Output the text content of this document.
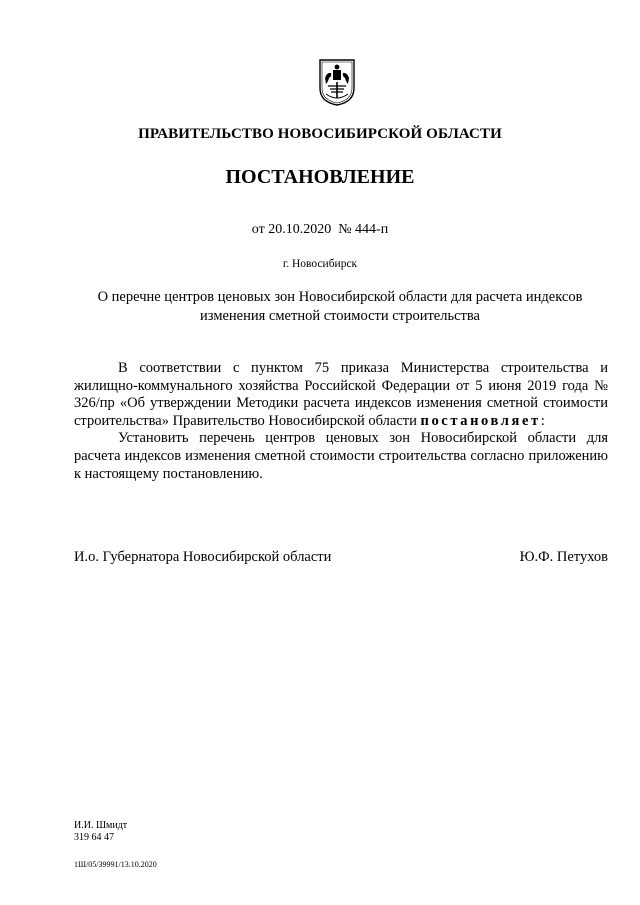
ПРАВИТЕЛЬСТВО НОВОСИБИРСКОЙ ОБЛАСТИ
ПОСТАНОВЛЕНИЕ
от 20.10.2020  № 444-п
г. Новосибирск
О перечне центров ценовых зон Новосибирской области для расчета индексов
изменения сметной стоимости строительства

В соответствии с пунктом 75 приказа Министерства строительства и жилищно-коммунального хозяйства Российской Федерации от 5 июня 2019 года № 326/пр «Об утверждении Методики расчета индексов изменения сметной стоимости строительства» Правительство Новосибирской области постановляет:

Установить перечень центров ценовых зон Новосибирской области для расчета индексов изменения сметной стоимости строительства согласно приложению к настоящему постановлению.

И.о. Губернатора Новосибирской области	Ю.Ф. Петухов
И.И. Шмидт
319 64 47
1Ш/05/39991/13.10.2020
